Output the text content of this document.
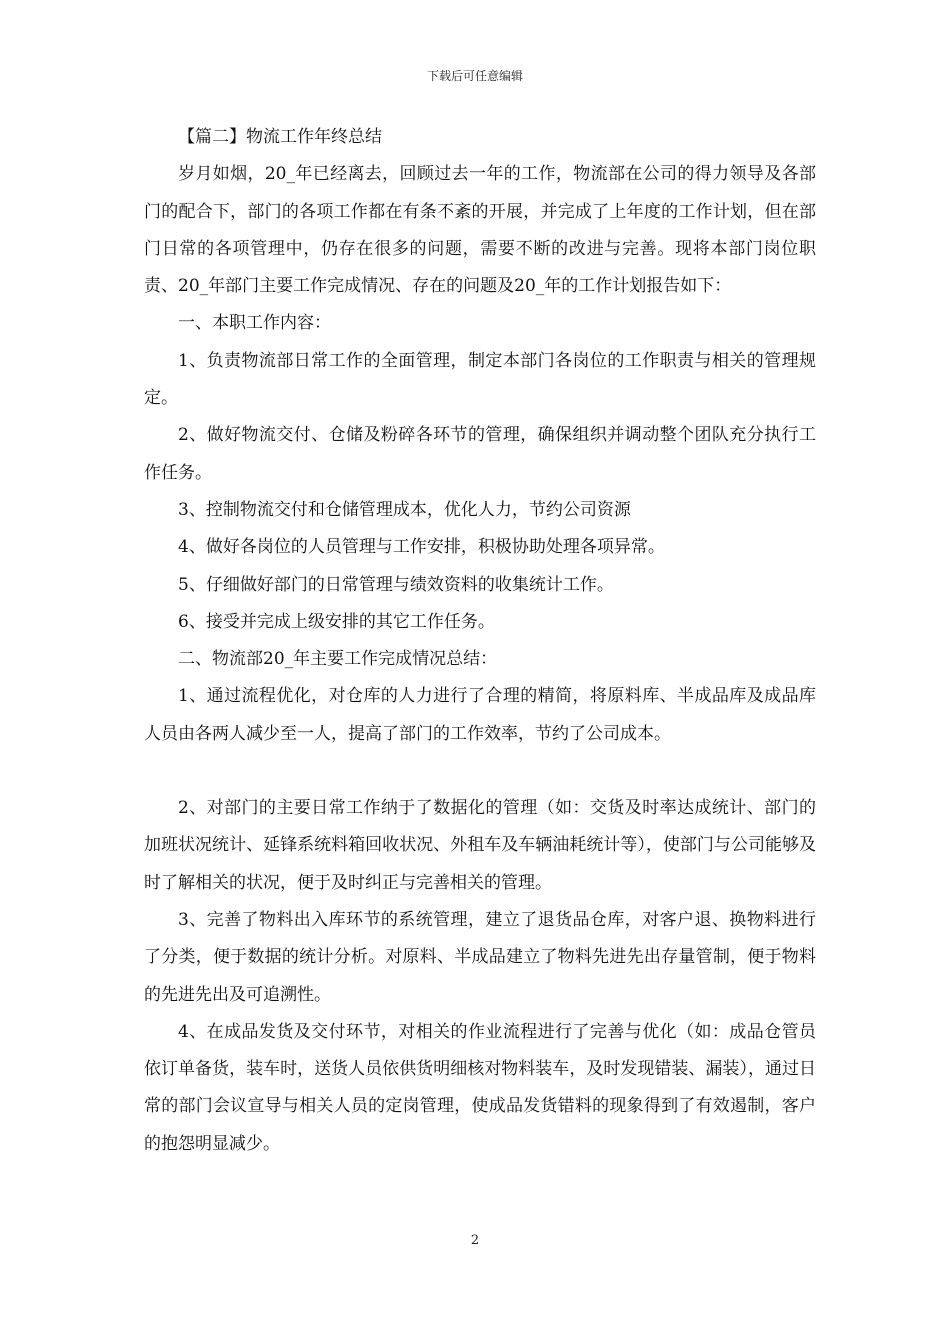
下载后可任意编辑

【篇二】物流工作年终总结

岁月如烟，20_年已经离去，回顾过去一年的工作，物流部在公司的得力领导及各部门的配合下，部门的各项工作都在有条不紊的开展，并完成了上年度的工作计划，但在部门日常的各项管理中，仍存在很多的问题，需要不断的改进与完善。现将本部门岗位职责、20_年部门主要工作完成情况、存在的问题及20_年的工作计划报告如下：

一、本职工作内容：

1、负责物流部日常工作的全面管理，制定本部门各岗位的工作职责与相关的管理规定。

2、做好物流交付、仓储及粉碎各环节的管理，确保组织并调动整个团队充分执行工作任务。

3、控制物流交付和仓储管理成本，优化人力，节约公司资源

4、做好各岗位的人员管理与工作安排，积极协助处理各项异常。

5、仔细做好部门的日常管理与绩效资料的收集统计工作。

6、接受并完成上级安排的其它工作任务。

二、物流部20_年主要工作完成情况总结：

1、通过流程优化，对仓库的人力进行了合理的精简，将原料库、半成品库及成品库人员由各两人减少至一人，提高了部门的工作效率，节约了公司成本。

2、对部门的主要日常工作纳于了数据化的管理（如：交货及时率达成统计、部门的加班状况统计、延锋系统料箱回收状况、外租车及车辆油耗统计等），使部门与公司能够及时了解相关的状况，便于及时纠正与完善相关的管理。

3、完善了物料出入库环节的系统管理，建立了退货品仓库，对客户退、换物料进行了分类，便于数据的统计分析。对原料、半成品建立了物料先进先出存量管制，便于物料的先进先出及可追溯性。

4、在成品发货及交付环节，对相关的作业流程进行了完善与优化（如：成品仓管员依订单备货，装车时，送货人员依供货明细核对物料装车，及时发现错装、漏装），通过日常的部门会议宣导与相关人员的定岗管理，使成品发货错料的现象得到了有效遏制，客户的抱怨明显减少。

2
